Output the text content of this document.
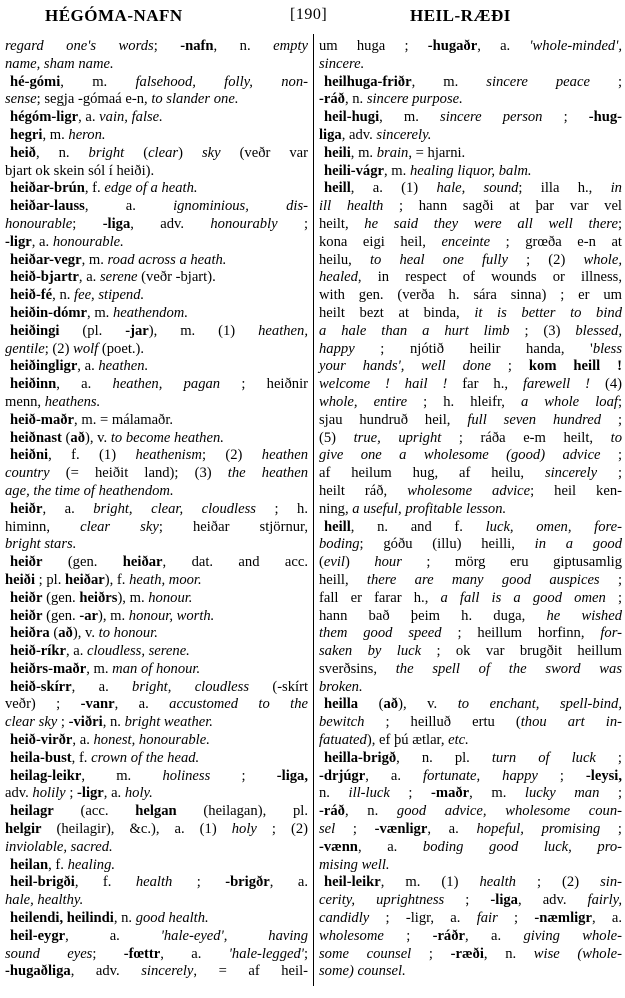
HÉGÓMA-NAFN	[190]	HEIL-RÆÐI
regard one's words; -nafn, n. empty
name, sham name.
hé-gómi, m. falsehood, folly, non-
sense; segja -gómaá e-n, to slander one.
hégóm-ligr, a. vain, false.
hegri, m. heron.
heið, n. bright (clear) sky (veðr var
bjart ok skein sól í heiði).
heiðar-brún, f. edge of a heath.
heiðar-lauss, a. ignominious, dis-
honourable; -liga, adv. honourably ;
-ligr, a. honourable.
heiðar-vegr, m. road across a heath.
heið-bjartr, a. serene (veðr -bjart).
heið-fé, n. fee, stipend.
heiðin-dómr, m. heathendom.
heiðingi (pl. -jar), m. (1) heathen,
gentile; (2) wolf (poet.).
heiðingligr, a. heathen.
heiðinn, a. heathen, pagan ; heiðnir
menn, heathens.
heið-maðr, m. = málamaðr.
heiðnast (að), v. to become heathen.
heiðni, f. (1) heathenism; (2) heathen
country (= heiðit land); (3) the heathen
age, the time of heathendom.
heiðr, a. bright, clear, cloudless ; h.
himinn, clear sky; heiðar stjörnur,
bright stars.
heiðr (gen. heiðar, dat. and acc.
heiði ; pl. heiðar), f. heath, moor.
heiðr (gen. heiðrs), m. honour.
heiðr (gen. -ar), m. honour, worth.
heiðra (að), v. to honour.
heið-ríkr, a. cloudless, serene.
heiðrs-maðr, m. man of honour.
heið-skírr, a. bright, cloudless (-skírt
veðr) ; -vanr, a. accustomed to the
clear sky ; -viðri, n. bright weather.
heið-virðr, a. honest, honourable.
heila-bust, f. crown of the head.
heilag-leikr, m. holiness ; -liga,
adv. holily ; -ligr, a. holy.
heilagr (acc. helgan (heilagan), pl.
helgir (heilagir), &c.), a. (1) holy ; (2)
inviolable, sacred.
heilan, f. healing.
heil-brigði, f. health ; -brigðr, a.
hale, healthy.
heilendi, heilindi, n. good health.
heil-eygr, a. 'hale-eyed', having
sound eyes; -fœttr, a. 'hale-legged';
-hugaðliga, adv. sincerely, = af heil-
um huga ; -hugaðr, a. 'whole-minded',
sincere.
heilhuga-friðr, m. sincere peace ;
-ráð, n. sincere purpose.
heil-hugi, m. sincere person ; -hug-
liga, adv. sincerely.
heili, m. brain, = hjarni.
heili-vágr, m. healing liquor, balm.
heill, a. (1) hale, sound; illa h., in
ill health ; hann sagði at þar var vel
heilt, he said they were all well there;
kona eigi heil, enceinte ; grœða e-n at
heilu, to heal one fully ; (2) whole,
healed, in respect of wounds or illness,
with gen. (verða h. sára sinna) ; er um
heilt bezt at binda, it is better to bind
a hale than a hurt limb ; (3) blessed,
happy ; njótið heilir handa, 'bless
your hands', well done ; kom heill !
welcome ! hail ! far h., farewell ! (4)
whole, entire ; h. hleifr, a whole loaf;
sjau hundruð heil, full seven hundred ;
(5) true, upright ; ráða e-m heilt, to
give one a wholesome (good) advice ;
af heilum hug, af heilu, sincerely ;
heilt ráð, wholesome advice; heil ken-
ning, a useful, profitable lesson.
heill, n. and f. luck, omen, fore-
boding; góðu (illu) heilli, in a good
(evil) hour ; mörg eru giptusamlig
heill, there are many good auspices ;
fall er farar h., a fall is a good omen ;
hann bað þeim h. duga, he wished
them good speed ; heillum horfinn, for-
saken by luck ; ok var brugðit heillum
sverðsins, the spell of the sword was
broken.
heilla (að), v. to enchant, spell-bind,
bewitch ; heilluð ertu (thou art in-
fatuated), ef þú ætlar, etc.
heilla-brigð, n. pl. turn of luck ;
-drjúgr, a. fortunate, happy ; -leysi,
n. ill-luck ; -maðr, m. lucky man ;
-ráð, n. good advice, wholesome coun-
sel ; -vænligr, a. hopeful, promising ;
-vænn, a. boding good luck, pro-
mising well.
heil-leikr, m. (1) health ; (2) sin-
cerity, uprightness ; -liga, adv. fairly,
candidly ; -ligr, a. fair ; -næmligr, a.
wholesome ; -ráðr, a. giving whole-
some counsel ; -ræði, n. wise (whole-
some) counsel.
